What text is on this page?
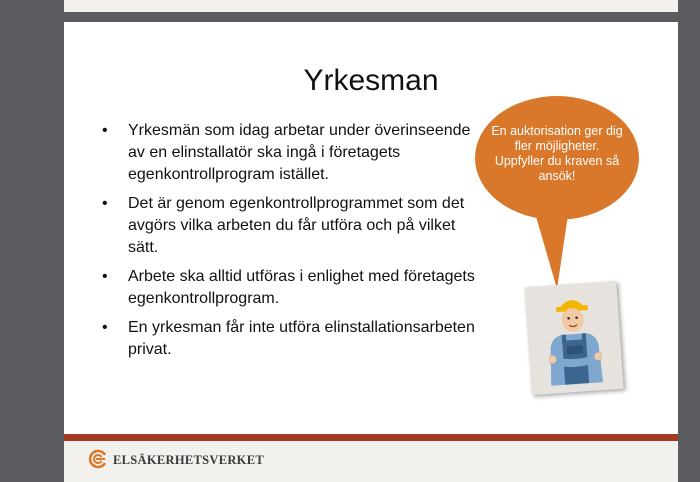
Yrkesman
• Yrkesmän som idag arbetar under överinseende av en elinstallatör ska ingå i företagets egenkontrollprogram istället.
• Det är genom egenkontrollprogrammet som det avgörs vilka arbeten du får utföra och på vilket sätt.
• Arbete ska alltid utföras i enlighet med företagets egenkontrollprogram.
• En yrkesman får inte utföra elinstallationsarbeten privat.
En auktorisation ger dig fler möjligheter. Uppfyller du kraven så ansök!
ELSÄKERHETSVERKET
